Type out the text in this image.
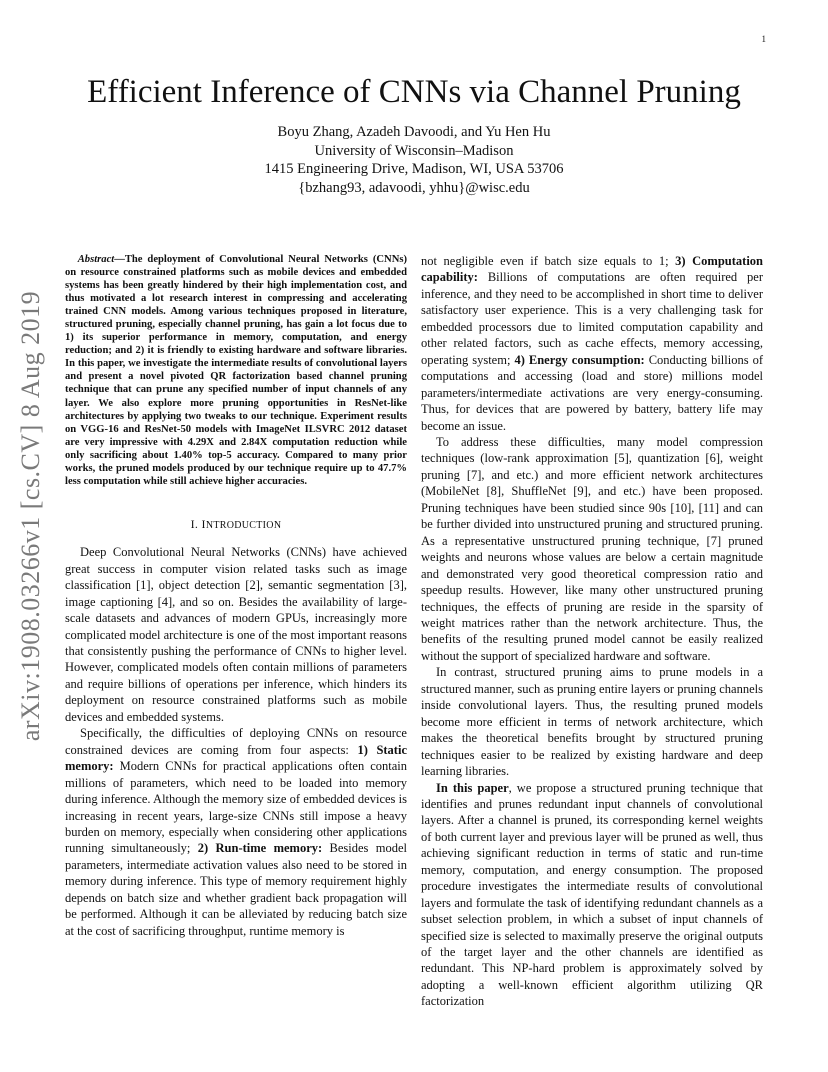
1
arXiv:1908.03266v1 [cs.CV] 8 Aug 2019
Efficient Inference of CNNs via Channel Pruning
Boyu Zhang, Azadeh Davoodi, and Yu Hen Hu
University of Wisconsin–Madison
1415 Engineering Drive, Madison, WI, USA 53706
{bzhang93, adavoodi, yhhu}@wisc.edu

Abstract—The deployment of Convolutional Neural Networks (CNNs) on resource constrained platforms such as mobile devices and embedded systems has been greatly hindered by their high implementation cost, and thus motivated a lot research interest in compressing and accelerating trained CNN models. Among various techniques proposed in literature, structured pruning, especially channel pruning, has gain a lot focus due to 1) its superior performance in memory, computation, and energy reduction; and 2) it is friendly to existing hardware and software libraries. In this paper, we investigate the intermediate results of convolutional layers and present a novel pivoted QR factorization based channel pruning technique that can prune any specified number of input channels of any layer. We also explore more pruning opportunities in ResNet-like architectures by applying two tweaks to our technique. Experiment results on VGG-16 and ResNet-50 models with ImageNet ILSVRC 2012 dataset are very impressive with 4.29X and 2.84X computation reduction while only sacrificing about 1.40% top-5 accuracy. Compared to many prior works, the pruned models produced by our technique require up to 47.7% less computation while still achieve higher accuracies.

I. INTRODUCTION

Deep Convolutional Neural Networks (CNNs) have achieved great success in computer vision related tasks such as image classification [1], object detection [2], semantic segmentation [3], image captioning [4], and so on. Besides the availability of large-scale datasets and advances of modern GPUs, increasingly more complicated model architecture is one of the most important reasons that consistently pushing the performance of CNNs to higher level. However, complicated models often contain millions of parameters and require billions of operations per inference, which hinders its deployment on resource constrained platforms such as mobile devices and embedded systems.

Specifically, the difficulties of deploying CNNs on resource constrained devices are coming from four aspects: 1) Static memory: Modern CNNs for practical applications often contain millions of parameters, which need to be loaded into memory during inference. Although the memory size of embedded devices is increasing in recent years, large-size CNNs still impose a heavy burden on memory, especially when considering other applications running simultaneously; 2) Run-time memory: Besides model parameters, intermediate activation values also need to be stored in memory during inference. This type of memory requirement highly depends on batch size and whether gradient back propagation will be performed. Although it can be alleviated by reducing batch size at the cost of sacrificing throughput, runtime memory is

not negligible even if batch size equals to 1; 3) Computation capability: Billions of computations are often required per inference, and they need to be accomplished in short time to deliver satisfactory user experience. This is a very challenging task for embedded processors due to limited computation capability and other related factors, such as cache effects, memory accessing, operating system; 4) Energy consumption: Conducting billions of computations and accessing (load and store) millions model parameters/intermediate activations are very energy-consuming. Thus, for devices that are powered by battery, battery life may become an issue.

To address these difficulties, many model compression techniques (low-rank approximation [5], quantization [6], weight pruning [7], and etc.) and more efficient network architectures (MobileNet [8], ShuffleNet [9], and etc.) have been proposed. Pruning techniques have been studied since 90s [10], [11] and can be further divided into unstructured pruning and structured pruning. As a representative unstructured pruning technique, [7] pruned weights and neurons whose values are below a certain magnitude and demonstrated very good theoretical compression ratio and speedup results. However, like many other unstructured pruning techniques, the effects of pruning are reside in the sparsity of weight matrices rather than the network architecture. Thus, the benefits of the resulting pruned model cannot be easily realized without the support of specialized hardware and software.

In contrast, structured pruning aims to prune models in a structured manner, such as pruning entire layers or pruning channels inside convolutional layers. Thus, the resulting pruned models become more efficient in terms of network architecture, which makes the theoretical benefits brought by structured pruning techniques easier to be realized by existing hardware and deep learning libraries.

In this paper, we propose a structured pruning technique that identifies and prunes redundant input channels of convolutional layers. After a channel is pruned, its corresponding kernel weights of both current layer and previous layer will be pruned as well, thus achieving significant reduction in terms of static and run-time memory, computation, and energy consumption. The proposed procedure investigates the intermediate results of convolutional layers and formulate the task of identifying redundant channels as a subset selection problem, in which a subset of input channels of specified size is selected to maximally preserve the original outputs of the target layer and the other channels are identified as redundant. This NP-hard problem is approximately solved by adopting a well-known efficient algorithm utilizing QR factorization
